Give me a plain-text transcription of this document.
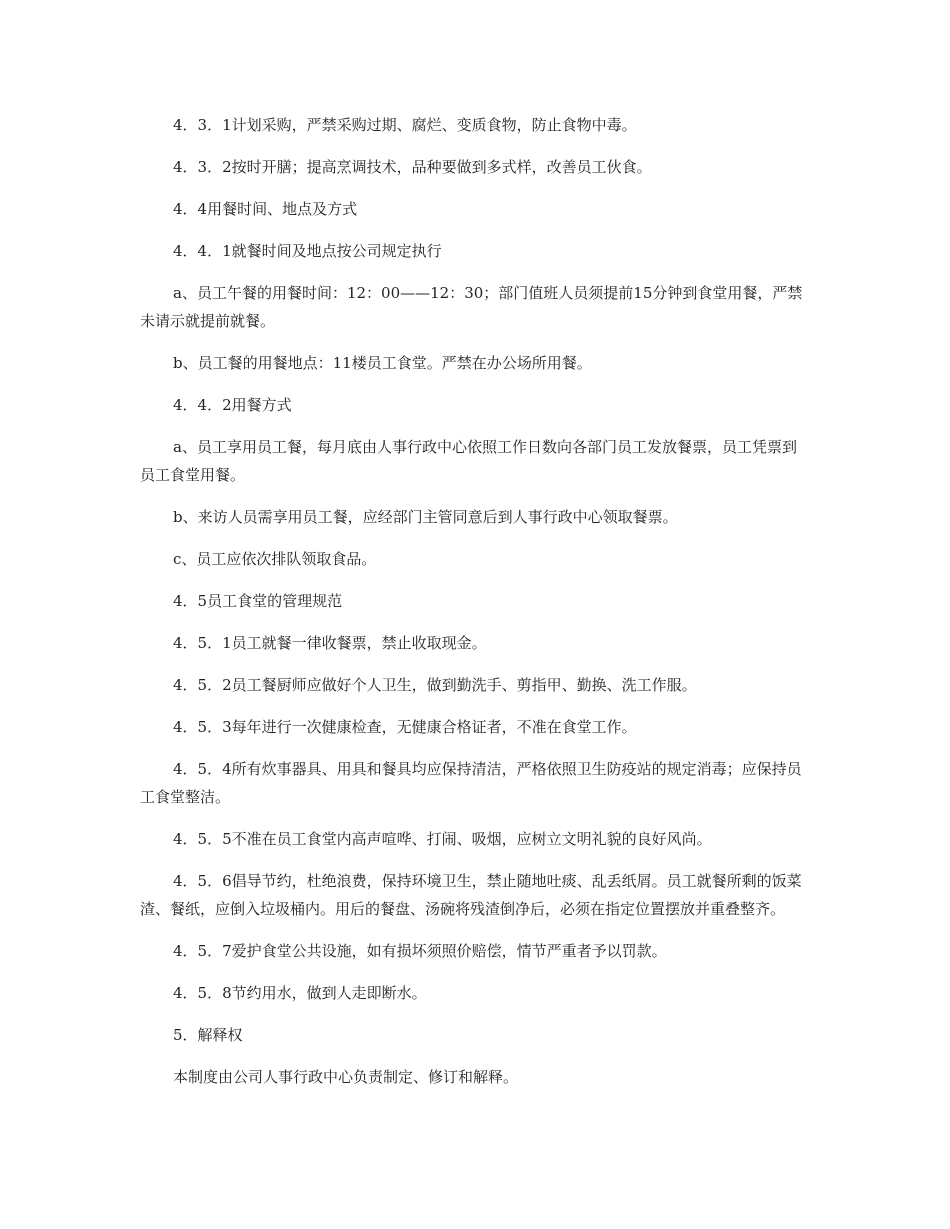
4．3．1计划采购，严禁采购过期、腐烂、变质食物，防止食物中毒。

4．3．2按时开膳；提高烹调技术，品种要做到多式样，改善员工伙食。

4．4用餐时间、地点及方式

4．4．1就餐时间及地点按公司规定执行

a、员工午餐的用餐时间：12：00——12：30；部门值班人员须提前15分钟到食堂用餐，严禁未请示就提前就餐。

b、员工餐的用餐地点：11楼员工食堂。严禁在办公场所用餐。

4．4．2用餐方式

a、员工享用员工餐，每月底由人事行政中心依照工作日数向各部门员工发放餐票，员工凭票到员工食堂用餐。

b、来访人员需享用员工餐，应经部门主管同意后到人事行政中心领取餐票。

c、员工应依次排队领取食品。

4．5员工食堂的管理规范

4．5．1员工就餐一律收餐票，禁止收取现金。

4．5．2员工餐厨师应做好个人卫生，做到勤洗手、剪指甲、勤换、洗工作服。

4．5．3每年进行一次健康检查，无健康合格证者，不准在食堂工作。

4．5．4所有炊事器具、用具和餐具均应保持清洁，严格依照卫生防疫站的规定消毒；应保持员工食堂整洁。

4．5．5不准在员工食堂内高声喧哗、打闹、吸烟，应树立文明礼貌的良好风尚。

4．5．6倡导节约，杜绝浪费，保持环境卫生，禁止随地吐痰、乱丢纸屑。员工就餐所剩的饭菜渣、餐纸，应倒入垃圾桶内。用后的餐盘、汤碗将残渣倒净后，必须在指定位置摆放并重叠整齐。

4．5．7爱护食堂公共设施，如有损坏须照价赔偿，情节严重者予以罚款。

4．5．8节约用水，做到人走即断水。

5．解释权

本制度由公司人事行政中心负责制定、修订和解释。
